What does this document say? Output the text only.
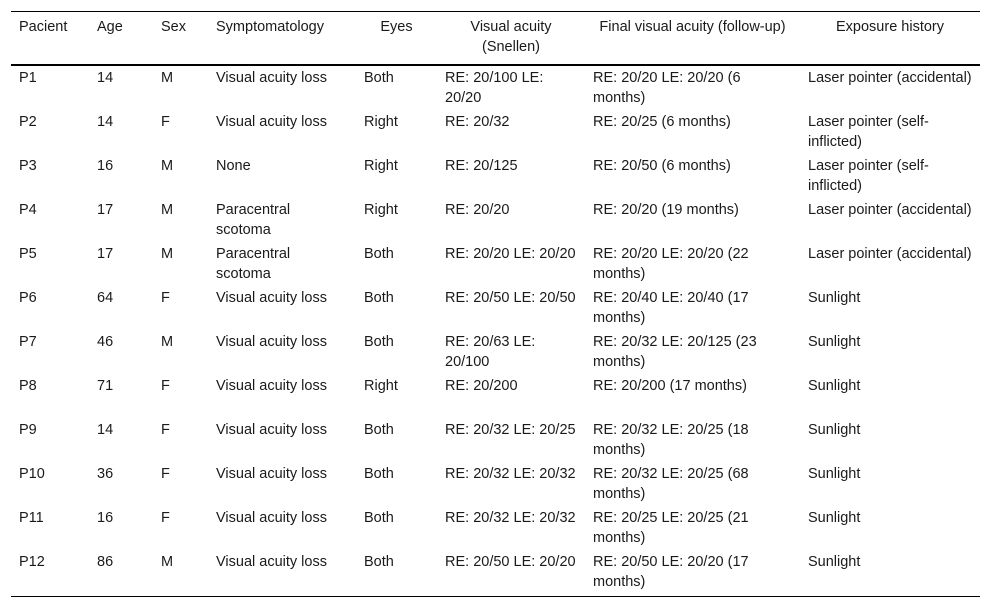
Pacient	Age	Sex	Symptomatology	Eyes	Visual acuity (Snellen)	Final visual acuity (follow-up)	Exposure history
P1	14	M	Visual acuity loss	Both	RE: 20/100 LE: 20/20	RE: 20/20 LE: 20/20 (6 months)	Laser pointer (accidental)
P2	14	F	Visual acuity loss	Right	RE: 20/32	RE: 20/25 (6 months)	Laser pointer (self-inflicted)
P3	16	M	None	Right	RE: 20/125	RE: 20/50 (6 months)	Laser pointer (self-inflicted)
P4	17	M	Paracentral scotoma	Right	RE: 20/20	RE: 20/20 (19 months)	Laser pointer (accidental)
P5	17	M	Paracentral scotoma	Both	RE: 20/20 LE: 20/20	RE: 20/20 LE: 20/20 (22 months)	Laser pointer (accidental)
P6	64	F	Visual acuity loss	Both	RE: 20/50 LE: 20/50	RE: 20/40 LE: 20/40 (17 months)	Sunlight
P7	46	M	Visual acuity loss	Both	RE: 20/63 LE: 20/100	RE: 20/32 LE: 20/125 (23 months)	Sunlight
P8	71	F	Visual acuity loss	Right	RE: 20/200	RE: 20/200 (17 months)	Sunlight
P9	14	F	Visual acuity loss	Both	RE: 20/32 LE: 20/25	RE: 20/32 LE: 20/25 (18 months)	Sunlight
P10	36	F	Visual acuity loss	Both	RE: 20/32 LE: 20/32	RE: 20/32 LE: 20/25 (68 months)	Sunlight
P11	16	F	Visual acuity loss	Both	RE: 20/32 LE: 20/32	RE: 20/25 LE: 20/25 (21 months)	Sunlight
P12	86	M	Visual acuity loss	Both	RE: 20/50 LE: 20/20	RE: 20/50 LE: 20/20 (17 months)	Sunlight
